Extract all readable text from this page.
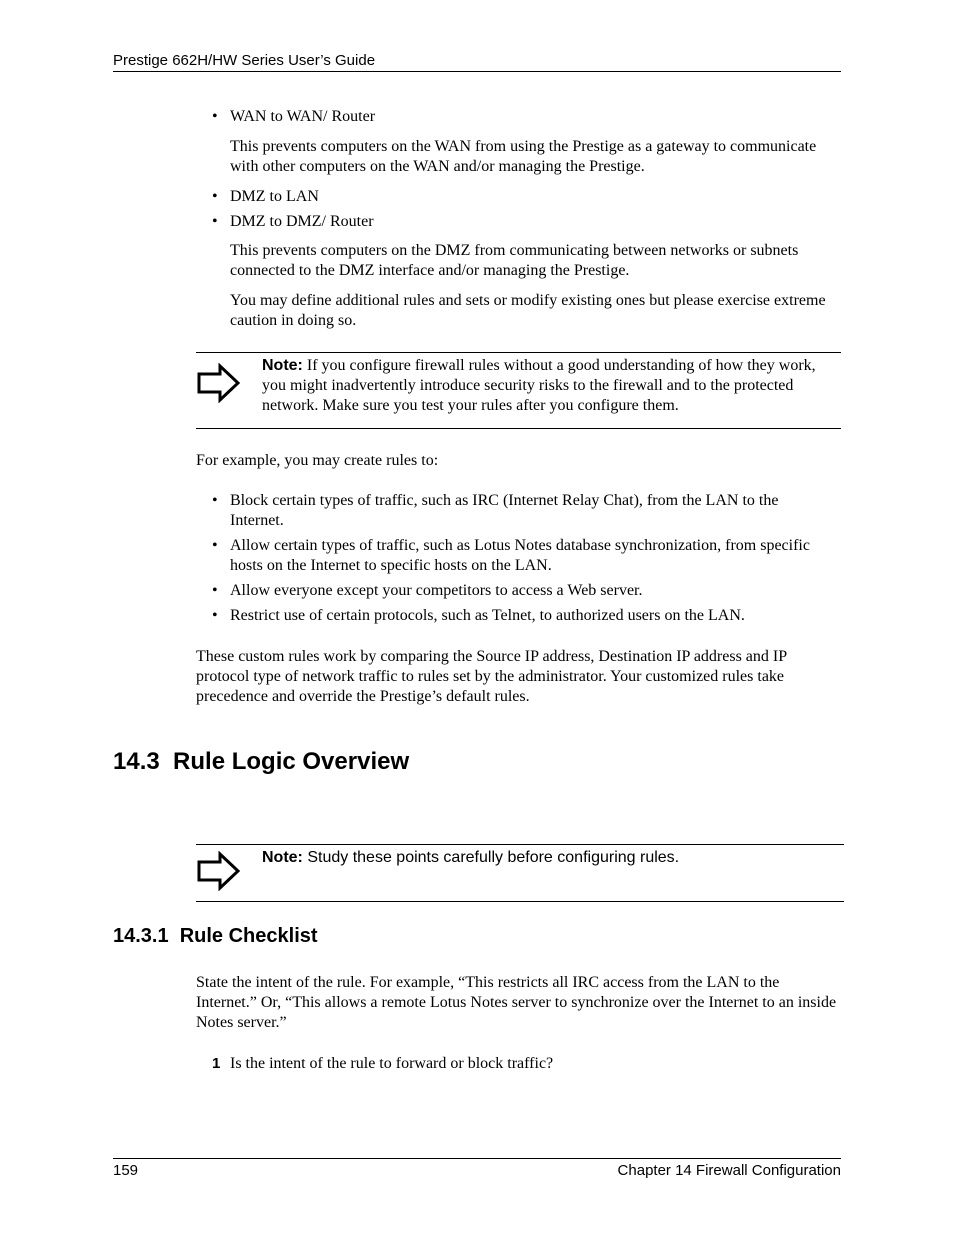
Prestige 662H/HW Series User’s Guide
• WAN to WAN/ Router
This prevents computers on the WAN from using the Prestige as a gateway to communicate with other computers on the WAN and/or managing the Prestige.
• DMZ to LAN
• DMZ to DMZ/ Router
This prevents computers on the DMZ from communicating between networks or subnets connected to the DMZ interface and/or managing the Prestige.
You may define additional rules and sets or modify existing ones but please exercise extreme caution in doing so.
Note: If you configure firewall rules without a good understanding of how they work, you might inadvertently introduce security risks to the firewall and to the protected network. Make sure you test your rules after you configure them.
For example, you may create rules to:
• Block certain types of traffic, such as IRC (Internet Relay Chat), from the LAN to the Internet.
• Allow certain types of traffic, such as Lotus Notes database synchronization, from specific hosts on the Internet to specific hosts on the LAN.
• Allow everyone except your competitors to access a Web server.
• Restrict use of certain protocols, such as Telnet, to authorized users on the LAN.
These custom rules work by comparing the Source IP address, Destination IP address and IP protocol type of network traffic to rules set by the administrator. Your customized rules take precedence and override the Prestige’s default rules.
14.3  Rule Logic Overview
Note: Study these points carefully before configuring rules.
14.3.1  Rule Checklist
State the intent of the rule. For example, “This restricts all IRC access from the LAN to the Internet.” Or, “This allows a remote Lotus Notes server to synchronize over the Internet to an inside Notes server.”
1 Is the intent of the rule to forward or block traffic?
159	Chapter 14 Firewall Configuration
